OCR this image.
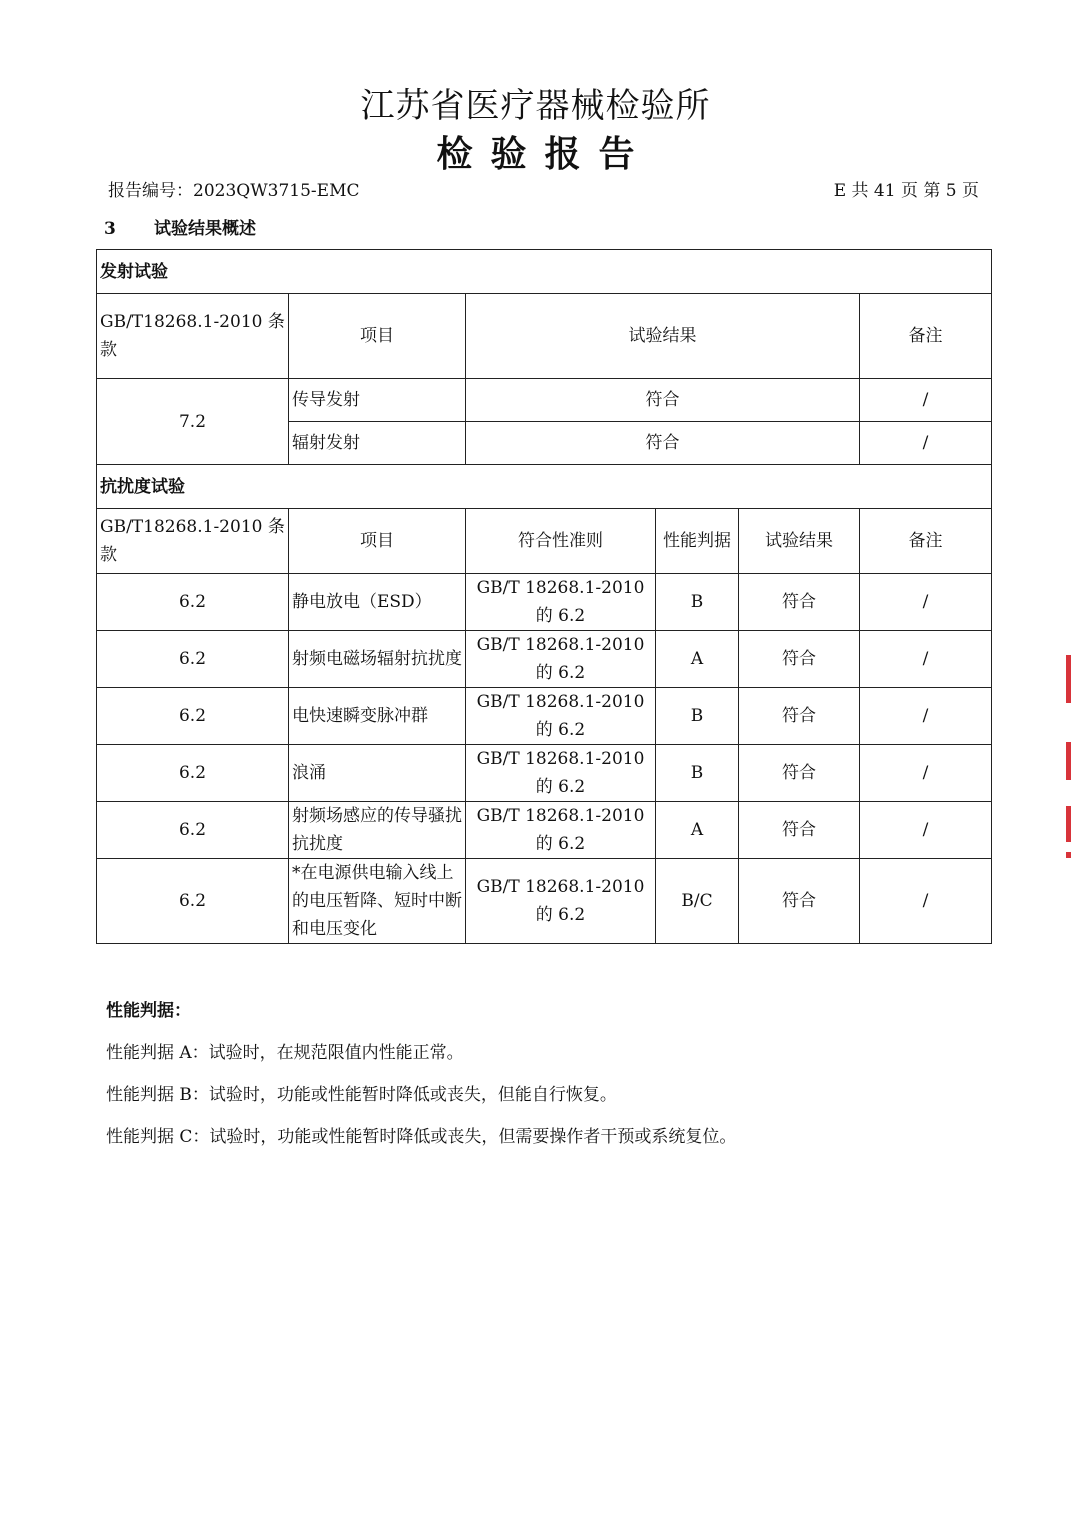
江苏省医疗器械检验所
检验报告
报告编号：2023QW3715-EMC	E 共 41 页 第 5 页
3 试验结果概述
发射试验			
GB/T18268.1-2010 条款	项目	试验结果	备注
7.2	传导发射	符合	/
	辐射发射	符合	/
抗扰度试验					
GB/T18268.1-2010 条款	项目	符合性准则	性能判据	试验结果	备注
6.2	静电放电（ESD）	GB/T 18268.1-2010 的 6.2	B	符合	/
6.2	射频电磁场辐射抗扰度	GB/T 18268.1-2010 的 6.2	A	符合	/
6.2	电快速瞬变脉冲群	GB/T 18268.1-2010 的 6.2	B	符合	/
6.2	浪涌	GB/T 18268.1-2010 的 6.2	B	符合	/
6.2	射频场感应的传导骚扰抗扰度	GB/T 18268.1-2010 的 6.2	A	符合	/
6.2	*在电源供电输入线上的电压暂降、短时中断和电压变化	GB/T 18268.1-2010 的 6.2	B/C	符合	/
性能判据：
性能判据 A：试验时，在规范限值内性能正常。
性能判据 B：试验时，功能或性能暂时降低或丧失，但能自行恢复。
性能判据 C：试验时，功能或性能暂时降低或丧失，但需要操作者干预或系统复位。
